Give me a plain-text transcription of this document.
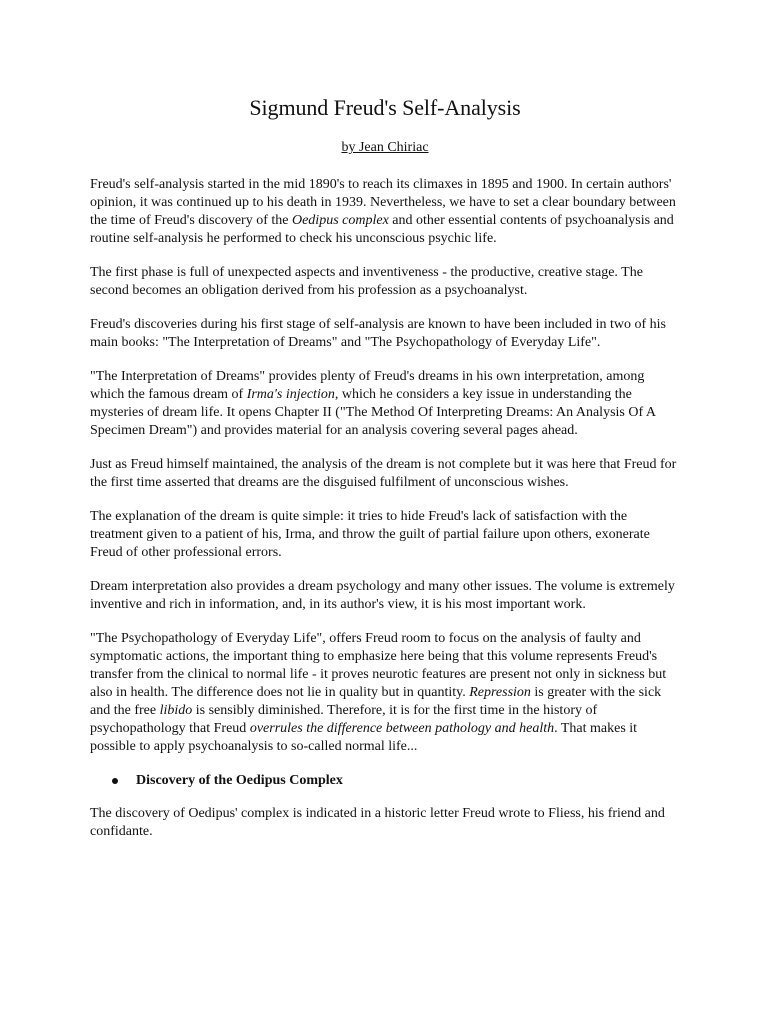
Sigmund Freud's Self-Analysis
by Jean Chiriac

Freud's self-analysis started in the mid 1890's to reach its climaxes in 1895 and 1900. In certain authors' opinion, it was continued up to his death in 1939. Nevertheless, we have to set a clear boundary between the time of Freud's discovery of the Oedipus complex and other essential contents of psychoanalysis and routine self-analysis he performed to check his unconscious psychic life.

The first phase is full of unexpected aspects and inventiveness - the productive, creative stage. The second becomes an obligation derived from his profession as a psychoanalyst.

Freud's discoveries during his first stage of self-analysis are known to have been included in two of his main books: "The Interpretation of Dreams" and "The Psychopathology of Everyday Life".

"The Interpretation of Dreams" provides plenty of Freud's dreams in his own interpretation, among which the famous dream of Irma's injection, which he considers a key issue in understanding the mysteries of dream life. It opens Chapter II ("The Method Of Interpreting Dreams: An Analysis Of A Specimen Dream") and provides material for an analysis covering several pages ahead.

Just as Freud himself maintained, the analysis of the dream is not complete but it was here that Freud for the first time asserted that dreams are the disguised fulfilment of unconscious wishes.

The explanation of the dream is quite simple: it tries to hide Freud's lack of satisfaction with the treatment given to a patient of his, Irma, and throw the guilt of partial failure upon others, exonerate Freud of other professional errors.

Dream interpretation also provides a dream psychology and many other issues. The volume is extremely inventive and rich in information, and, in its author's view, it is his most important work.

"The Psychopathology of Everyday Life", offers Freud room to focus on the analysis of faulty and symptomatic actions, the important thing to emphasize here being that this volume represents Freud's transfer from the clinical to normal life - it proves neurotic features are present not only in sickness but also in health. The difference does not lie in quality but in quantity. Repression is greater with the sick and the free libido is sensibly diminished. Therefore, it is for the first time in the history of psychopathology that Freud overrules the difference between pathology and health. That makes it possible to apply psychoanalysis to so-called normal life...

Discovery of the Oedipus Complex

The discovery of Oedipus' complex is indicated in a historic letter Freud wrote to Fliess, his friend and confidante.
